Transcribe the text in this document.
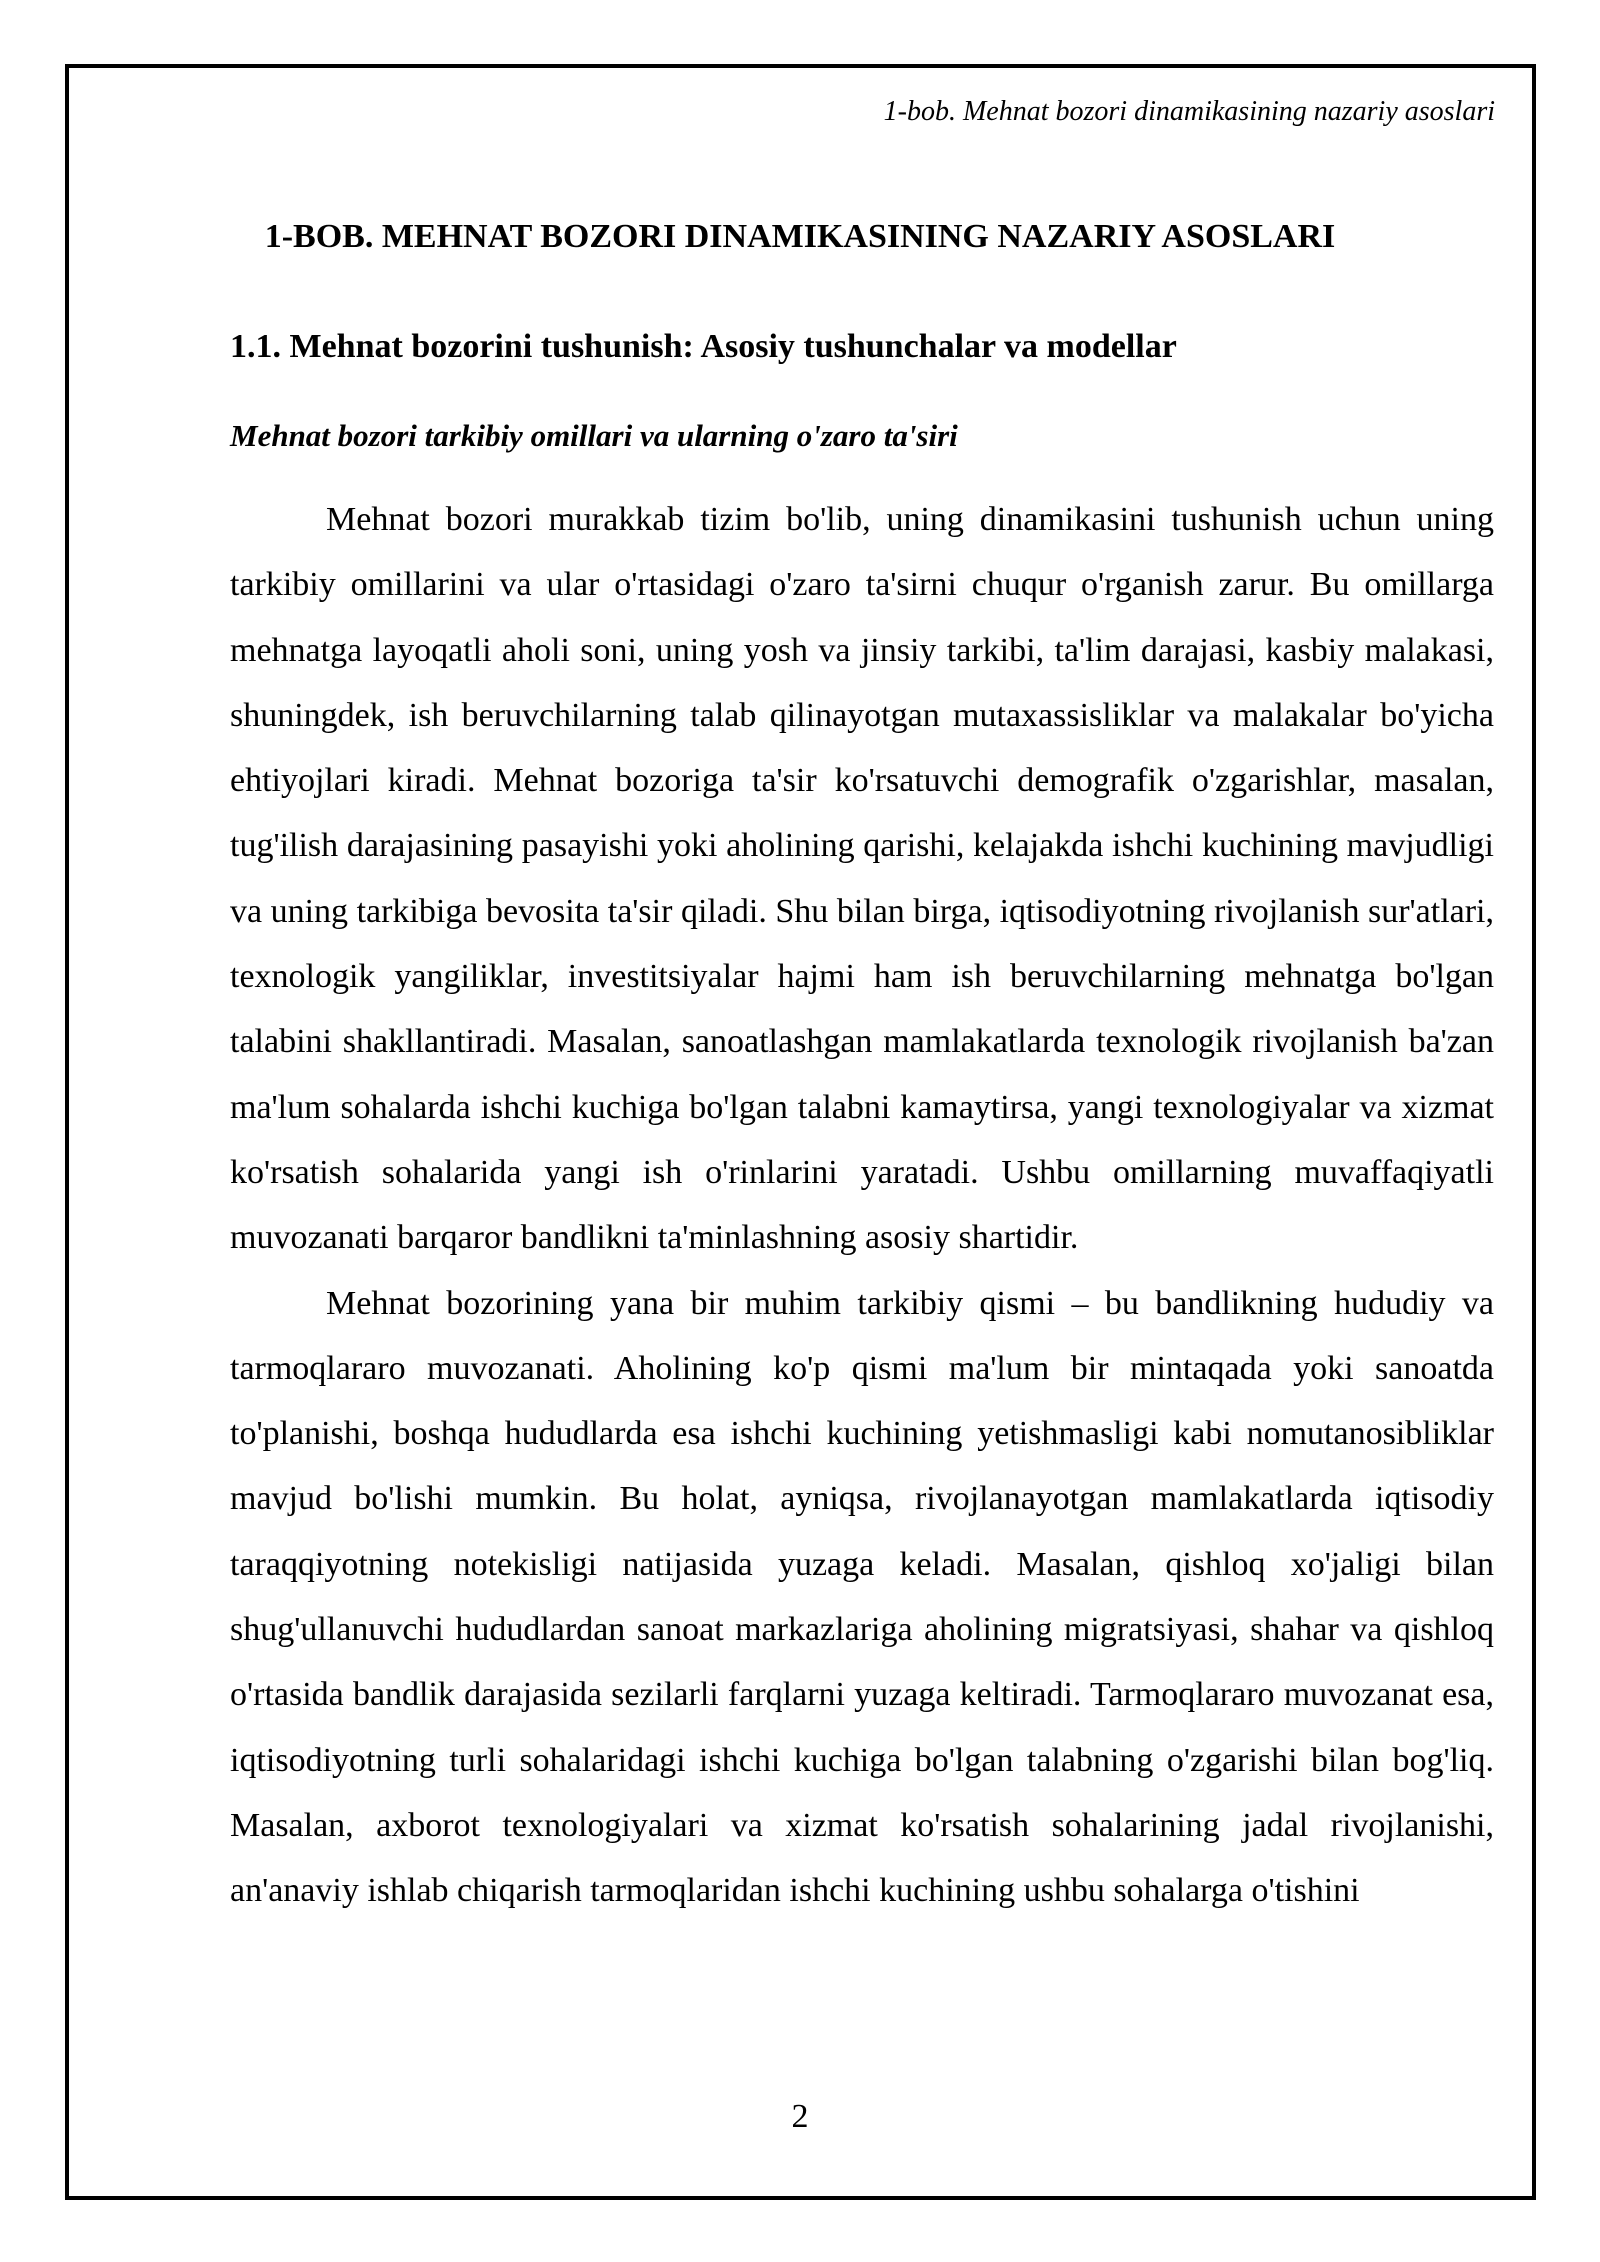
1-bob. Mehnat bozori dinamikasining nazariy asoslari
1-BOB. MEHNAT BOZORI DINAMIKASINING NAZARIY ASOSLARI
1.1. Mehnat bozorini tushunish: Asosiy tushunchalar va modellar
Mehnat bozori tarkibiy omillari va ularning o'zaro ta'siri

Mehnat bozori murakkab tizim bo'lib, uning dinamikasini tushunish uchun uning tarkibiy omillarini va ular o'rtasidagi o'zaro ta'sirni chuqur o'rganish zarur. Bu omillarga mehnatga layoqatli aholi soni, uning yosh va jinsiy tarkibi, ta'lim darajasi, kasbiy malakasi, shuningdek, ish beruvchilarning talab qilinayotgan mutaxassisliklar va malakalar bo'yicha ehtiyojlari kiradi. Mehnat bozoriga ta'sir ko'rsatuvchi demografik o'zgarishlar, masalan, tug'ilish darajasining pasayishi yoki aholining qarishi, kelajakda ishchi kuchining mavjudligi va uning tarkibiga bevosita ta'sir qiladi. Shu bilan birga, iqtisodiyotning rivojlanish sur'atlari, texnologik yangiliklar, investitsiyalar hajmi ham ish beruvchilarning mehnatga bo'lgan talabini shakllantiradi. Masalan, sanoatlashgan mamlakatlarda texnologik rivojlanish ba'zan ma'lum sohalarda ishchi kuchiga bo'lgan talabni kamaytirsa, yangi texnologiyalar va xizmat ko'rsatish sohalarida yangi ish o'rinlarini yaratadi. Ushbu omillarning muvaffaqiyatli muvozanati barqaror bandlikni ta'minlashning asosiy shartidir.

Mehnat bozorining yana bir muhim tarkibiy qismi – bu bandlikning hududiy va tarmoqlararo muvozanati. Aholining ko'p qismi ma'lum bir mintaqada yoki sanoatda to'planishi, boshqa hududlarda esa ishchi kuchining yetishmasligi kabi nomutanosibliklar mavjud bo'lishi mumkin. Bu holat, ayniqsa, rivojlanayotgan mamlakatlarda iqtisodiy taraqqiyotning notekisligi natijasida yuzaga keladi. Masalan, qishloq xo'jaligi bilan shug'ullanuvchi hududlardan sanoat markazlariga aholining migratsiyasi, shahar va qishloq o'rtasida bandlik darajasida sezilarli farqlarni yuzaga keltiradi. Tarmoqlararo muvozanat esa, iqtisodiyotning turli sohalaridagi ishchi kuchiga bo'lgan talabning o'zgarishi bilan bog'liq. Masalan, axborot texnologiyalari va xizmat ko'rsatish sohalarining jadal rivojlanishi, an'anaviy ishlab chiqarish tarmoqlaridan ishchi kuchining ushbu sohalarga o'tishini

2
